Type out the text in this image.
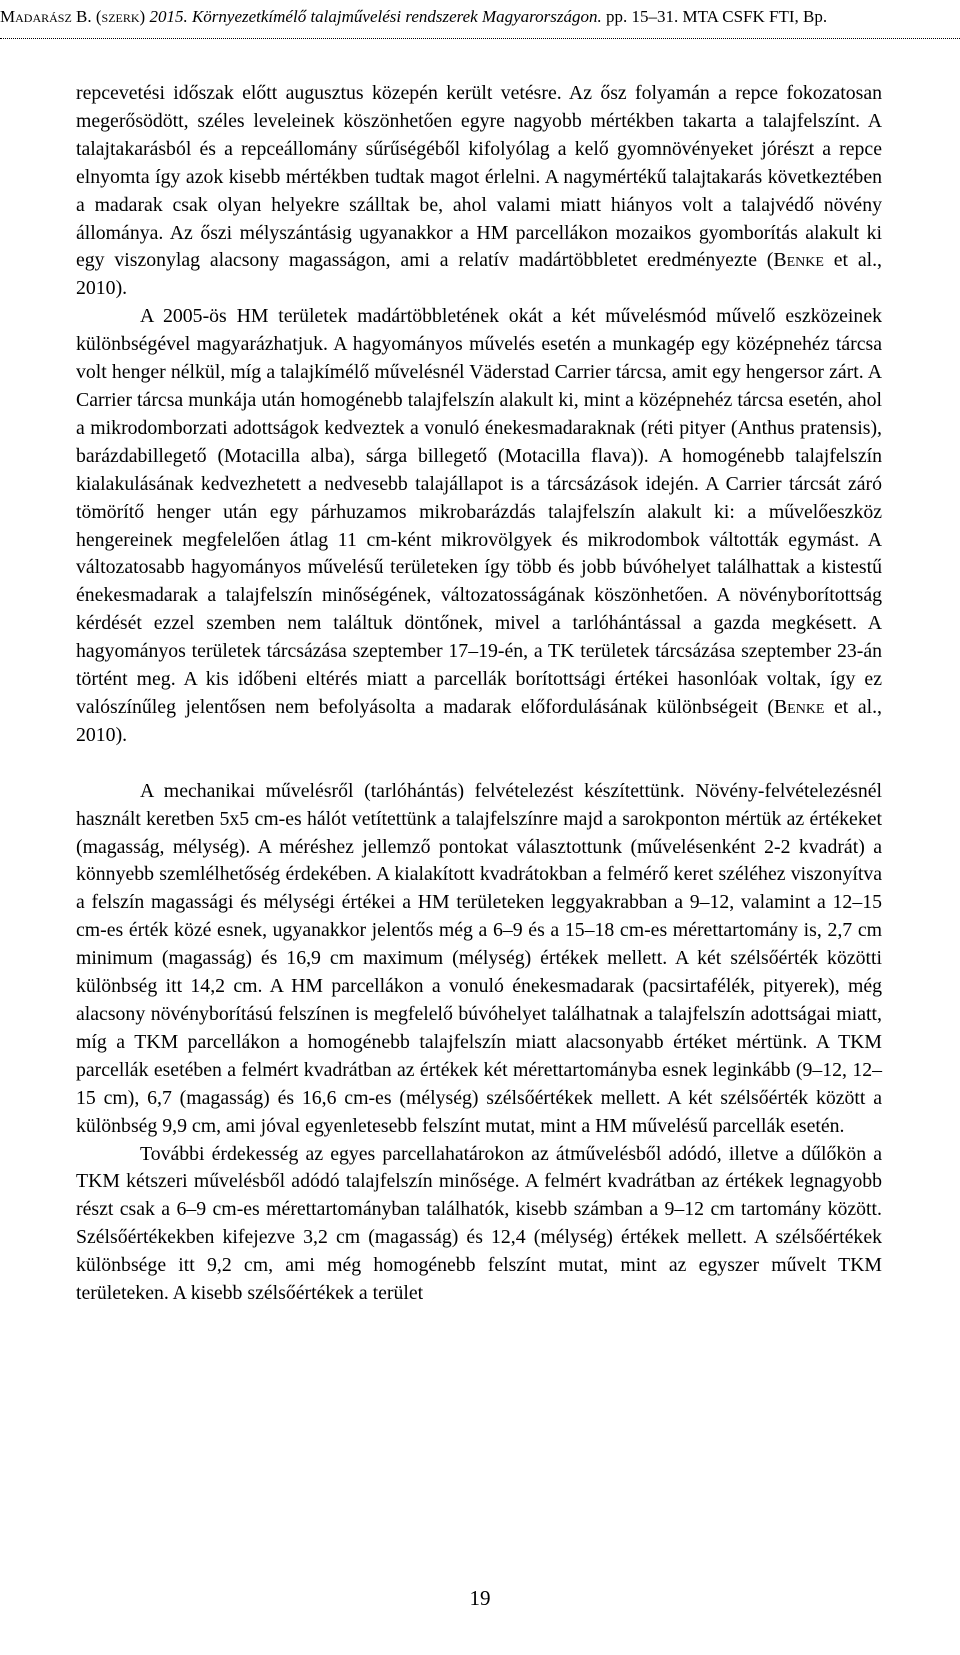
Madarász B. (szerk) 2015. Környezetkímélő talajművelési rendszerek Magyarországon. pp. 15–31. MTA CSFK FTI, Bp.

repcevetési időszak előtt augusztus közepén került vetésre. Az ősz folyamán a repce fokozatosan megerősödött, széles leveleinek köszönhetően egyre nagyobb mértékben takarta a talajfelszínt. A talajtakarásból és a repceállomány sűrűségéből kifolyólag a kelő gyomnövényeket jórészt a repce elnyomta így azok kisebb mértékben tudtak magot érlelni. A nagymértékű talajtakarás következtében a madarak csak olyan helyekre szálltak be, ahol valami miatt hiányos volt a talajvédő növény állománya. Az őszi mélyszántásig ugyanakkor a HM parcellákon mozaikos gyomborítás alakult ki egy viszonylag alacsony magasságon, ami a relatív madártöbbletet eredményezte (Benke et al., 2010).

A 2005-ös HM területek madártöbbletének okát a két művelésmód művelő eszközeinek különbségével magyarázhatjuk. A hagyományos művelés esetén a munkagép egy középnehéz tárcsa volt henger nélkül, míg a talajkímélő művelésnél Väderstad Carrier tárcsa, amit egy hengersor zárt. A Carrier tárcsa munkája után homogénebb talajfelszín alakult ki, mint a középnehéz tárcsa esetén, ahol a mikrodomborzati adottságok kedveztek a vonuló énekesmadaraknak (réti pityer (Anthus pratensis), barázdabillegető (Motacilla alba), sárga billegető (Motacilla flava)). A homogénebb talajfelszín kialakulásának kedvezhetett a nedvesebb talajállapot is a tárcsázások idején. A Carrier tárcsát záró tömörítő henger után egy párhuzamos mikrobarázdás talajfelszín alakult ki: a művelőeszköz hengereinek megfelelően átlag 11 cm-ként mikrovölgyek és mikrodombok váltották egymást. A változatosabb hagyományos művelésű területeken így több és jobb búvóhelyet találhattak a kistestű énekesmadarak a talajfelszín minőségének, változatosságának köszönhetően. A növényborítottság kérdését ezzel szemben nem találtuk döntőnek, mivel a tarlóhántással a gazda megkésett. A hagyományos területek tárcsázása szeptember 17–19-én, a TK területek tárcsázása szeptember 23-án történt meg. A kis időbeni eltérés miatt a parcellák borítottsági értékei hasonlóak voltak, így ez valószínűleg jelentősen nem befolyásolta a madarak előfordulásának különbségeit (Benke et al., 2010).

A mechanikai művelésről (tarlóhántás) felvételezést készítettünk. Növény-felvételezésnél használt keretben 5x5 cm-es hálót vetítettünk a talajfelszínre majd a sarokponton mértük az értékeket (magasság, mélység). A méréshez jellemző pontokat választottunk (művelésenként 2-2 kvadrát) a könnyebb szemlélhetőség érdekében. A kialakított kvadrátokban a felmérő keret széléhez viszonyítva a felszín magassági és mélységi értékei a HM területeken leggyakrabban a 9–12, valamint a 12–15 cm-es érték közé esnek, ugyanakkor jelentős még a 6–9 és a 15–18 cm-es mérettartomány is, 2,7 cm minimum (magasság) és 16,9 cm maximum (mélység) értékek mellett. A két szélsőérték közötti különbség itt 14,2 cm. A HM parcellákon a vonuló énekesmadarak (pacsirtafélék, pityerek), még alacsony növényborítású felszínen is megfelelő búvóhelyet találhatnak a talajfelszín adottságai miatt, míg a TKM parcellákon a homogénebb talajfelszín miatt alacsonyabb értéket mértünk. A TKM parcellák esetében a felmért kvadrátban az értékek két mérettartományba esnek leginkább (9–12, 12–15 cm), 6,7 (magasság) és 16,6 cm-es (mélység) szélsőértékek mellett. A két szélsőérték között a különbség 9,9 cm, ami jóval egyenletesebb felszínt mutat, mint a HM művelésű parcellák esetén.

További érdekesség az egyes parcellahatárokon az átművelésből adódó, illetve a dűlőkön a TKM kétszeri művelésből adódó talajfelszín minősége. A felmért kvadrátban az értékek legnagyobb részt csak a 6–9 cm-es mérettartományban találhatók, kisebb számban a 9–12 cm tartomány között. Szélsőértékekben kifejezve 3,2 cm (magasság) és 12,4 (mélység) értékek mellett. A szélsőértékek különbsége itt 9,2 cm, ami még homogénebb felszínt mutat, mint az egyszer művelt TKM területeken. A kisebb szélsőértékek a terület

19
